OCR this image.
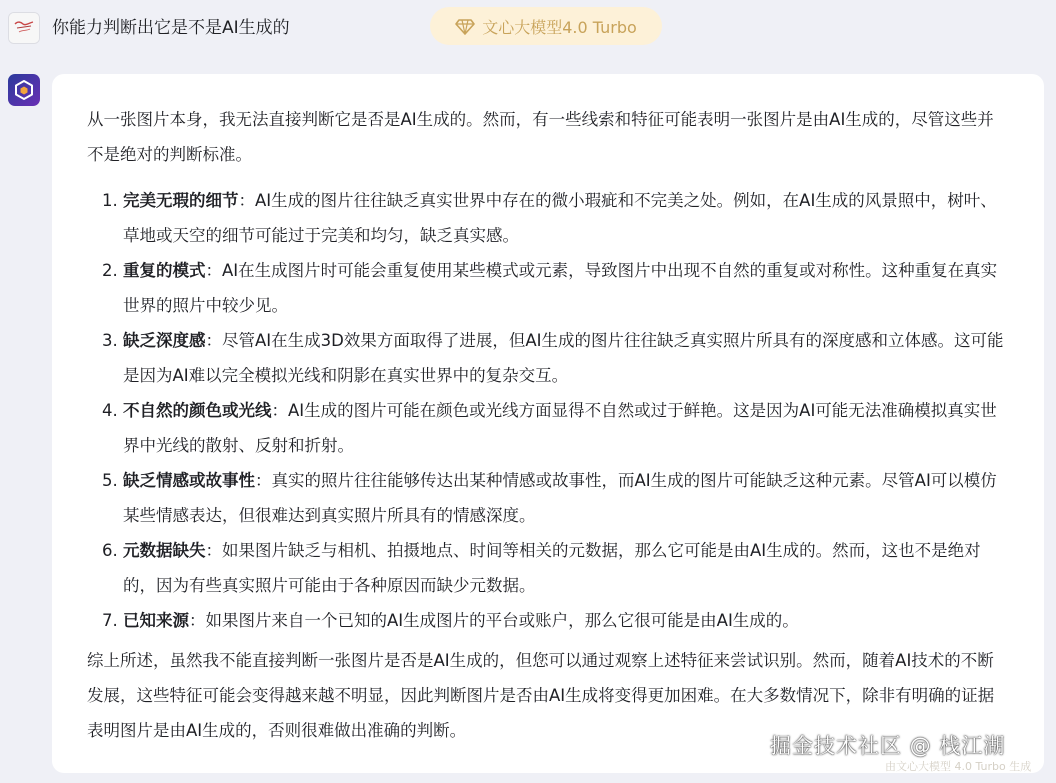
你能力判断出它是不是AI生成的	文心大模型4.0 Turbo

从一张图片本身，我无法直接判断它是否是AI生成的。然而，有一些线索和特征可能表明一张图片是由AI生成的，尽管这些并不是绝对的判断标准。

1. 完美无瑕的细节：AI生成的图片往往缺乏真实世界中存在的微小瑕疵和不完美之处。例如，在AI生成的风景照中，树叶、草地或天空的细节可能过于完美和均匀，缺乏真实感。
2. 重复的模式：AI在生成图片时可能会重复使用某些模式或元素，导致图片中出现不自然的重复或对称性。这种重复在真实世界的照片中较少见。
3. 缺乏深度感：尽管AI在生成3D效果方面取得了进展，但AI生成的图片往往缺乏真实照片所具有的深度感和立体感。这可能是因为AI难以完全模拟光线和阴影在真实世界中的复杂交互。
4. 不自然的颜色或光线：AI生成的图片可能在颜色或光线方面显得不自然或过于鲜艳。这是因为AI可能无法准确模拟真实世界中光线的散射、反射和折射。
5. 缺乏情感或故事性：真实的照片往往能够传达出某种情感或故事性，而AI生成的图片可能缺乏这种元素。尽管AI可以模仿某些情感表达，但很难达到真实照片所具有的情感深度。
6. 元数据缺失：如果图片缺乏与相机、拍摄地点、时间等相关的元数据，那么它可能是由AI生成的。然而，这也不是绝对的，因为有些真实照片可能由于各种原因而缺少元数据。
7. 已知来源：如果图片来自一个已知的AI生成图片的平台或账户，那么它很可能是由AI生成的。

综上所述，虽然我不能直接判断一张图片是否是AI生成的，但您可以通过观察上述特征来尝试识别。然而，随着AI技术的不断发展，这些特征可能会变得越来越不明显，因此判断图片是否由AI生成将变得更加困难。在大多数情况下，除非有明确的证据表明图片是由AI生成的，否则很难做出准确的判断。

由文心大模型 4.0 Turbo 生成
掘金技术社区 @ 栈江湖
